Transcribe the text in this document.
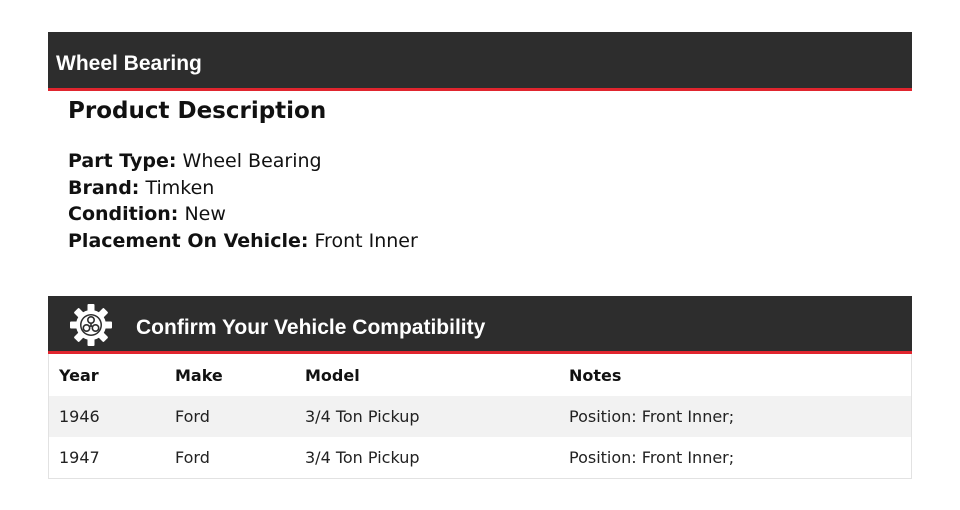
Wheel Bearing
Product Description
Part Type: Wheel Bearing
Brand: Timken
Condition: New
Placement On Vehicle: Front Inner
Confirm Your Vehicle Compatibility
Year	Make	Model	Notes
1946	Ford	3/4 Ton Pickup	Position: Front Inner;
1947	Ford	3/4 Ton Pickup	Position: Front Inner;
